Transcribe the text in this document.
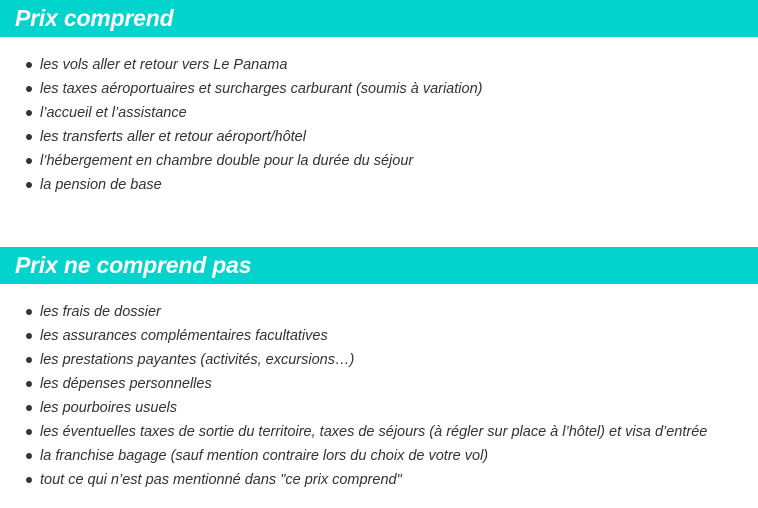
Prix comprend
les vols aller et retour vers Le Panama
les taxes aéroportuaires et surcharges carburant (soumis à variation)
l’accueil et l’assistance
les transferts aller et retour aéroport/hôtel
l’hébergement en chambre double pour la durée du séjour
la pension de base
Prix ne comprend pas
les frais de dossier
les assurances complémentaires facultatives
les prestations payantes (activités, excursions…)
les dépenses personnelles
les pourboires usuels
les éventuelles taxes de sortie du territoire, taxes de séjours (à régler sur place à l’hôtel) et visa d’entrée
la franchise bagage (sauf mention contraire lors du choix de votre vol)
tout ce qui n’est pas mentionné dans "ce prix comprend"
